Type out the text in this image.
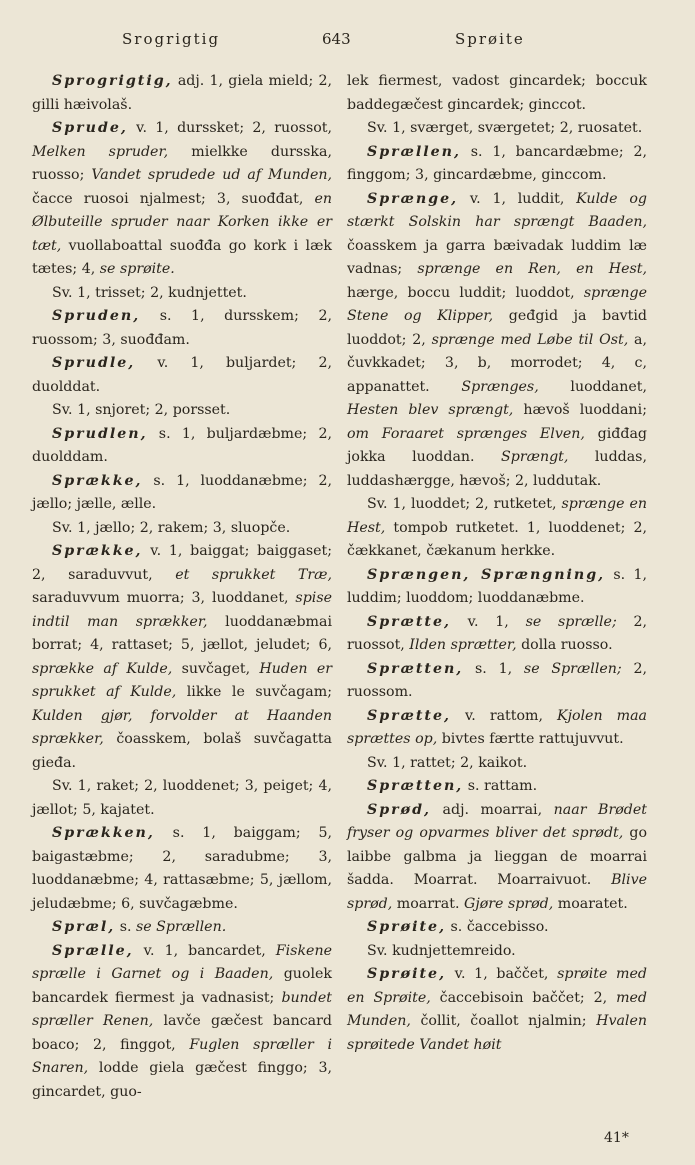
Srogrigtig	643	Sprøite

Sprogrigtig, adj. 1, giela mield; 2, gilli hæivolaš.

Sprude, v. 1, durssket; 2, ruossot, Melken spruder, mielkke dursska, ruosso; Vandet sprudede ud af Munden, čacce ruosoi njalmest; 3, suođđat, en Ølbuteille spruder naar Korken ikke er tæt, vuollaboattal suođđa go kork i læk tætes; 4, se sprøite.

Sv. 1, trisset; 2, kudnjettet.

Spruden, s. 1, dursskem; 2, ruossom; 3, suođđam.

Sprudle, v. 1, buljardet; 2, duolddat.

Sv. 1, snjoret; 2, porsset.

Sprudlen, s. 1, buljardæbme; 2, duolddam.

Sprække, s. 1, luoddanæbme; 2, jællo; jælle, ælle.

Sv. 1, jællo; 2, rakem; 3, sluopče.

Sprække, v. 1, baiggat; baiggaset; 2, saraduvvut, et sprukket Træ, saraduvvum muorra; 3, luoddanet, spise indtil man sprækker, luoddanæbmai borrat; 4, rattaset; 5, jællot, jeludet; 6, sprække af Kulde, suvčaget, Huden er sprukket af Kulde, likke le suvčagam; Kulden gjør, forvolder at Haanden sprækker, čoasskem, bolaš suvčagatta gieđa.

Sv. 1, raket; 2, luoddenet; 3, peiget; 4, jællot; 5, kajatet.

Sprækken, s. 1, baiggam; 5, baigastæbme; 2, saradubme; 3, luoddanæbme; 4, rattasæbme; 5, jællom, jeludæbme; 6, suvčagæbme.

Spræl, s. se Sprællen.

Sprælle, v. 1, bancardet, Fiskene sprælle i Garnet og i Baaden, guolek bancardek fiermest ja vadnasist; bundet spræller Renen, lavče gæčest bancard boaco; 2, finggot, Fuglen spræller i Snaren, lodde giela gæčest finggo; 3, gincardet, guo-

lek fiermest, vadost gincardek; boccuk baddegæčest gincardek; ginccot.

Sv. 1, sværget, sværgetet; 2, ruosatet.

Sprællen, s. 1, bancardæbme; 2, finggom; 3, gincardæbme, ginccom.

Sprænge, v. 1, luddit, Kulde og stærkt Solskin har sprængt Baaden, čoasskem ja garra bæivadak luddim læ vadnas; sprænge en Ren, en Hest, hærge, boccu luddit; luoddot, sprænge Stene og Klipper, geđgid ja bavtid luoddot; 2, sprænge med Løbe til Ost, a, čuvkkadet; 3, b, morrodet; 4, c, appanattet. Sprænges, luoddanet, Hesten blev sprængt, hævoš luoddani; om Foraaret sprænges Elven, giđđag jokka luoddan. Sprængt, luddas, luddashærgge, hævoš; 2, luddutak.

Sv. 1, luoddet; 2, rutketet, sprænge en Hest, tompob rutketet. 1, luoddenet; 2, čækkanet, čækanum herkke.

Sprængen, Sprængning, s. 1, luddim; luoddom; luoddanæbme.

Sprætte, v. 1, se sprælle; 2, ruossot, Ilden sprætter, dolla ruosso.

Sprætten, s. 1, se Sprællen; 2, ruossom.

Sprætte, v. rattom, Kjolen maa sprættes op, bivtes færtte rattujuvvut.

Sv. 1, rattet; 2, kaikot.

Sprætten, s. rattam.

Sprød, adj. moarrai, naar Brødet fryser og opvarmes bliver det sprødt, go laibbe galbma ja lieggan de moarrai šadda. Moarrat. Moarraivuot. Blive sprød, moarrat. Gjøre sprød, moaratet.

Sprøite, s. čaccebisso.

Sv. kudnjettemreido.

Sprøite, v. 1, baččet, sprøite med en Sprøite, čaccebisoin baččet; 2, med Munden, čollit, čoallot njalmin; Hvalen sprøitede Vandet høit

41*
